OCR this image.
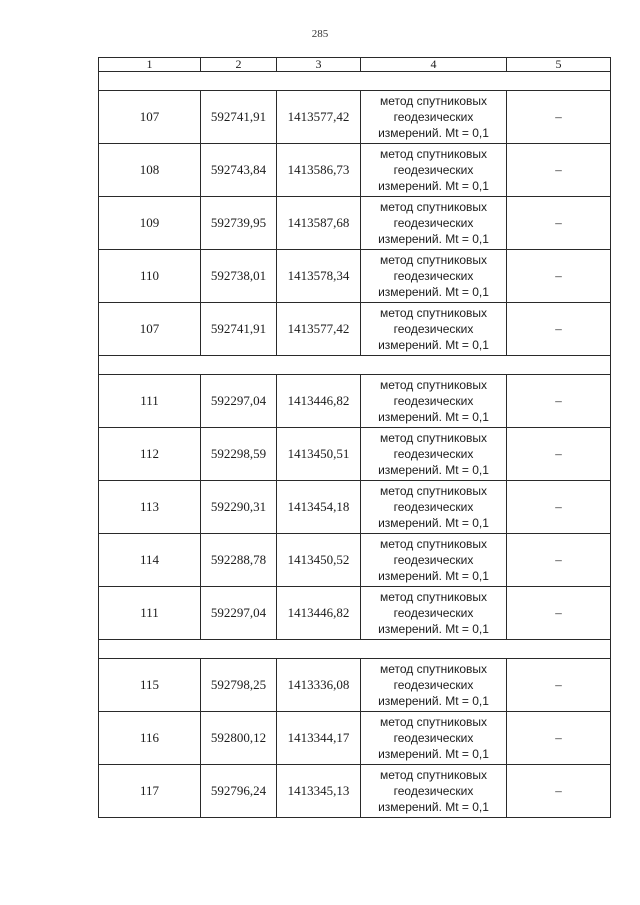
285
1	2	3	4	5

107	592741,91	1413577,42	метод спутниковых
геодезических
измерений. Mt = 0,1	–
108	592743,84	1413586,73	метод спутниковых
геодезических
измерений. Mt = 0,1	–
109	592739,95	1413587,68	метод спутниковых
геодезических
измерений. Mt = 0,1	–
110	592738,01	1413578,34	метод спутниковых
геодезических
измерений. Mt = 0,1	–
107	592741,91	1413577,42	метод спутниковых
геодезических
измерений. Mt = 0,1	–

111	592297,04	1413446,82	метод спутниковых
геодезических
измерений. Mt = 0,1	–
112	592298,59	1413450,51	метод спутниковых
геодезических
измерений. Mt = 0,1	–
113	592290,31	1413454,18	метод спутниковых
геодезических
измерений. Mt = 0,1	–
114	592288,78	1413450,52	метод спутниковых
геодезических
измерений. Mt = 0,1	–
111	592297,04	1413446,82	метод спутниковых
геодезических
измерений. Mt = 0,1	–

115	592798,25	1413336,08	метод спутниковых
геодезических
измерений. Mt = 0,1	–
116	592800,12	1413344,17	метод спутниковых
геодезических
измерений. Mt = 0,1	–
117	592796,24	1413345,13	метод спутниковых
геодезических
измерений. Mt = 0,1	–
